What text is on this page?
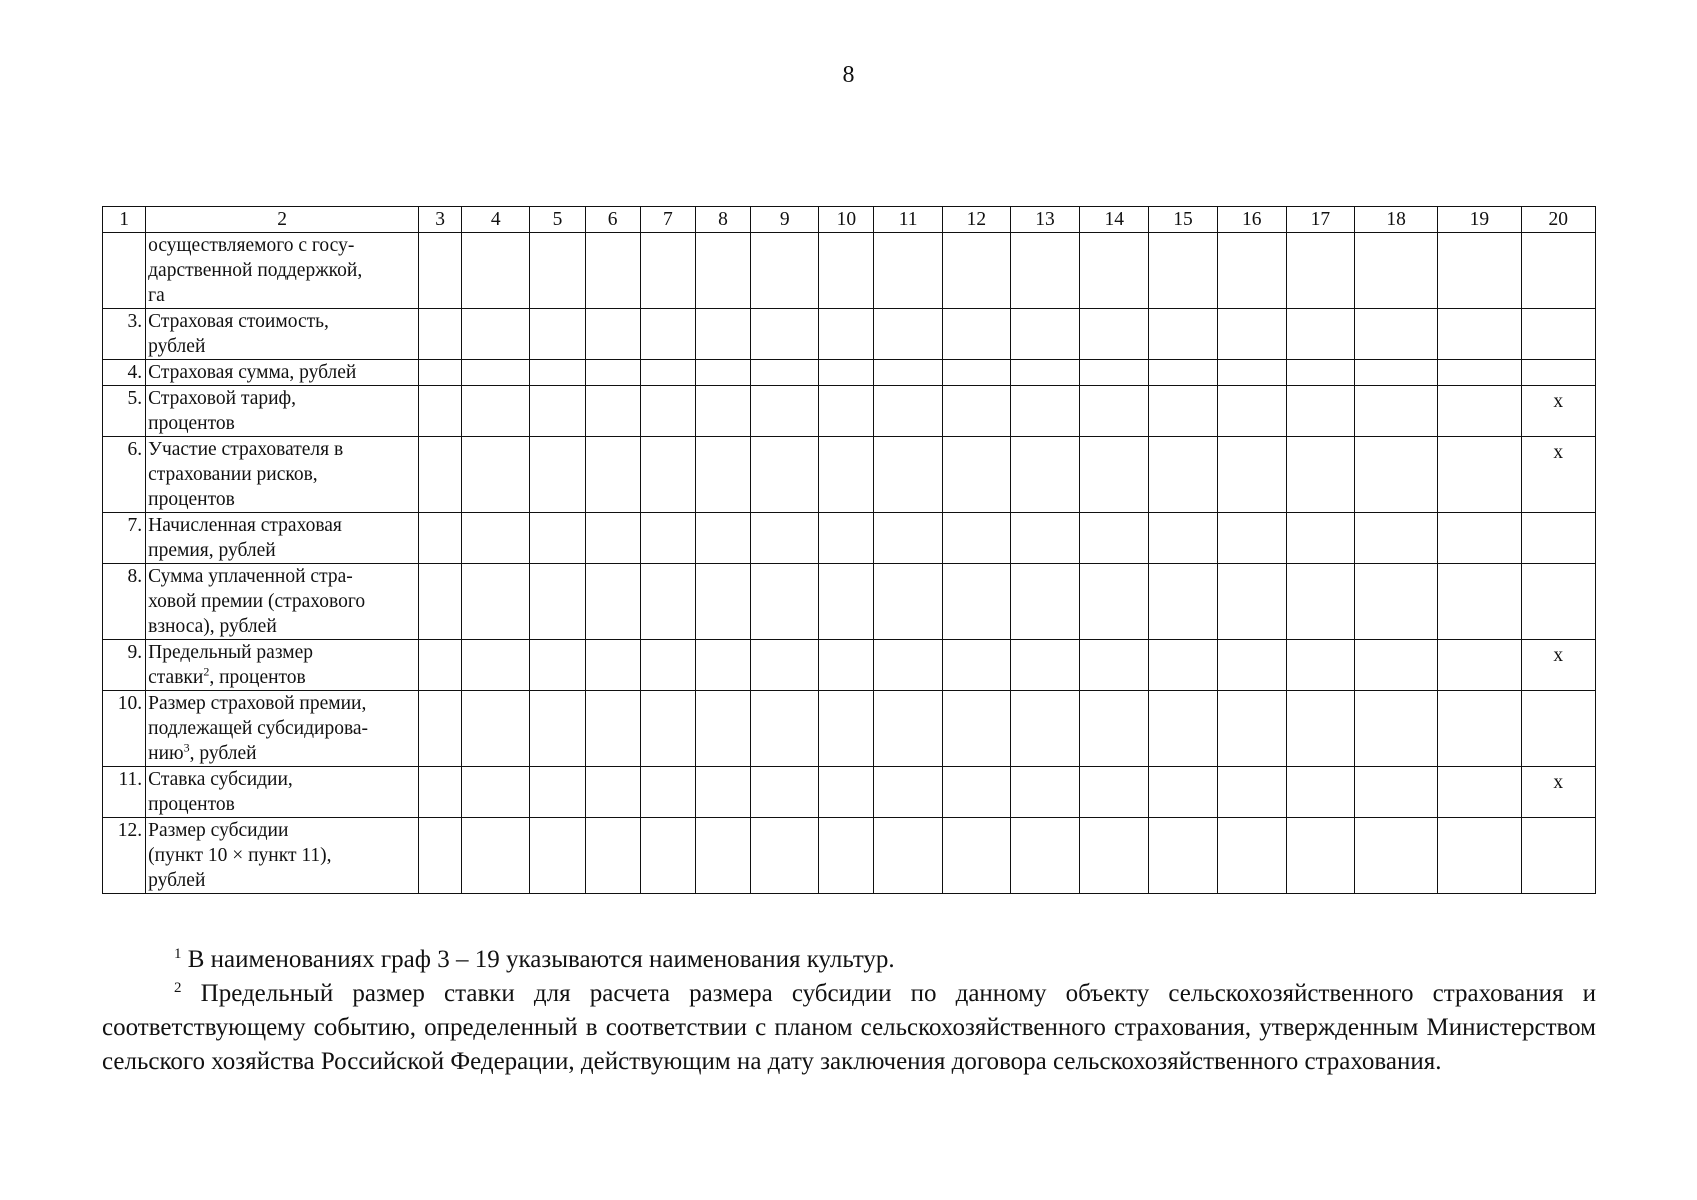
8
1	2	3	4	5	6	7	8	9	10	11	12	13	14	15	16	17	18	19	20
	осуществляемого с госу-
дарственной поддержкой,
га																		
3.	Страховая стоимость,
рублей																		
4.	Страховая сумма, рублей																		
5.	Страховой тариф,
процентов																		x
6.	Участие страхователя в
страховании рисков,
процентов																		x
7.	Начисленная страховая
премия, рублей																		
8.	Сумма уплаченной стра-
ховой премии (страхового
взноса), рублей																		
9.	Предельный размер
ставки$^2$, процентов																		x
10.	Размер страховой премии,
подлежащей субсидирова-
нию$^3$, рублей																		
11.	Ставка субсидии,
процентов																		x
12.	Размер субсидии
(пункт 10 × пункт 11),
рублей																		

$^1$ В наименованиях граф 3 – 19 указываются наименования культур.

$^2$ Предельный размер ставки для расчета размера субсидии по данному объекту сельскохозяйственного страхования и соответствующему событию, определенный в соответствии с планом сельскохозяйственного страхования, утвержденным Министерством сельского хозяйства Российской Федерации, действующим на дату заключения договора сельскохозяйственного страхования.
